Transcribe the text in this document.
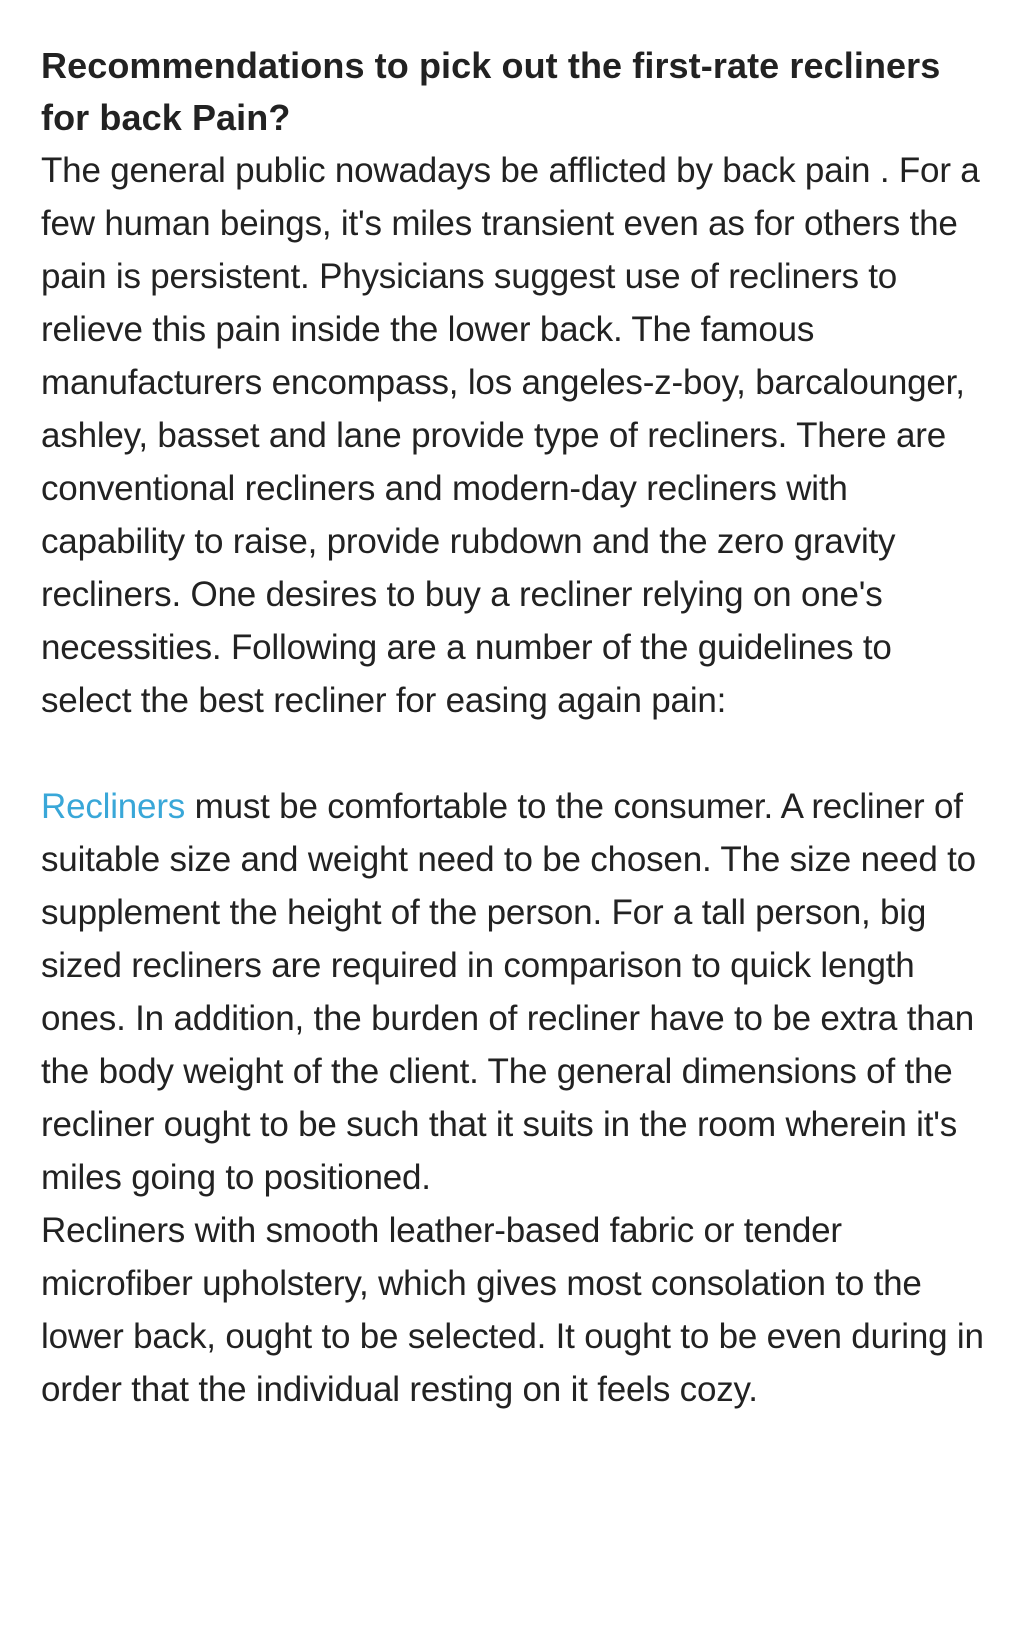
Recommendations to pick out the first-rate recliners for back Pain?

The general public nowadays be afflicted by back pain . For a few human beings, it's miles transient even as for others the pain is persistent. Physicians suggest use of recliners to relieve this pain inside the lower back. The famous manufacturers encompass, los angeles-z-boy, barcalounger, ashley, basset and lane provide type of recliners. There are conventional recliners and modern-day recliners with capability to raise, provide rubdown and the zero gravity recliners. One desires to buy a recliner relying on one's necessities. Following are a number of the guidelines to select the best recliner for easing again pain:

Recliners must be comfortable to the consumer. A recliner of suitable size and weight need to be chosen. The size need to supplement the height of the person. For a tall person, big sized recliners are required in comparison to quick length ones. In addition, the burden of recliner have to be extra than the body weight of the client. The general dimensions of the recliner ought to be such that it suits in the room wherein it's miles going to positioned.

Recliners with smooth leather-based fabric or tender microfiber upholstery, which gives most consolation to the lower back, ought to be selected. It ought to be even during in order that the individual resting on it feels cozy.
